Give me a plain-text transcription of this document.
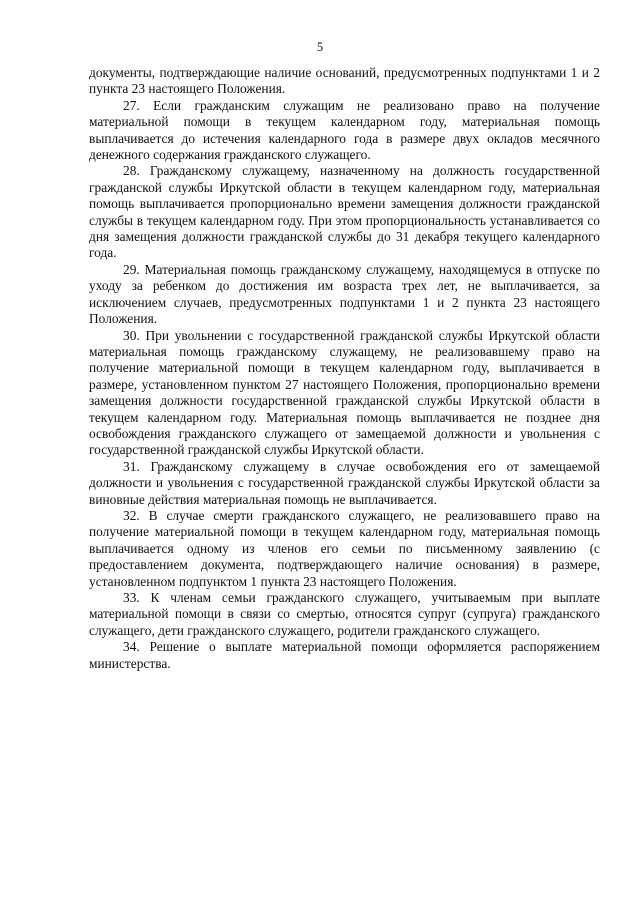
5

документы, подтверждающие наличие оснований, предусмотренных подпунктами 1 и 2 пункта 23 настоящего Положения.

27. Если гражданским служащим не реализовано право на получение материальной помощи в текущем календарном году, материальная помощь выплачивается до истечения календарного года в размере двух окладов месячного денежного содержания гражданского служащего.

28. Гражданскому служащему, назначенному на должность государственной гражданской службы Иркутской области в текущем календарном году, материальная помощь выплачивается пропорционально времени замещения должности гражданской службы в текущем календарном году. При этом пропорциональность устанавливается со дня замещения должности гражданской службы до 31 декабря текущего календарного года.

29. Материальная помощь гражданскому служащему, находящемуся в отпуске по уходу за ребенком до достижения им возраста трех лет, не выплачивается, за исключением случаев, предусмотренных подпунктами 1 и 2 пункта 23 настоящего Положения.

30. При увольнении с государственной гражданской службы Иркутской области материальная помощь гражданскому служащему, не реализовавшему право на получение материальной помощи в текущем календарном году, выплачивается в размере, установленном пунктом 27 настоящего Положения, пропорционально времени замещения должности государственной гражданской службы Иркутской области в текущем календарном году. Материальная помощь выплачивается не позднее дня освобождения гражданского служащего от замещаемой должности и увольнения с государственной гражданской службы Иркутской области.

31. Гражданскому служащему в случае освобождения его от замещаемой должности и увольнения с государственной гражданской службы Иркутской области за виновные действия материальная помощь не выплачивается.

32. В случае смерти гражданского служащего, не реализовавшего право на получение материальной помощи в текущем календарном году, материальная помощь выплачивается одному из членов его семьи по письменному заявлению (с предоставлением документа, подтверждающего наличие основания) в размере, установленном подпунктом 1 пункта 23 настоящего Положения.

33. К членам семьи гражданского служащего, учитываемым при выплате материальной помощи в связи со смертью, относятся супруг (супруга) гражданского служащего, дети гражданского служащего, родители гражданского служащего.

34. Решение о выплате материальной помощи оформляется распоряжением министерства.
